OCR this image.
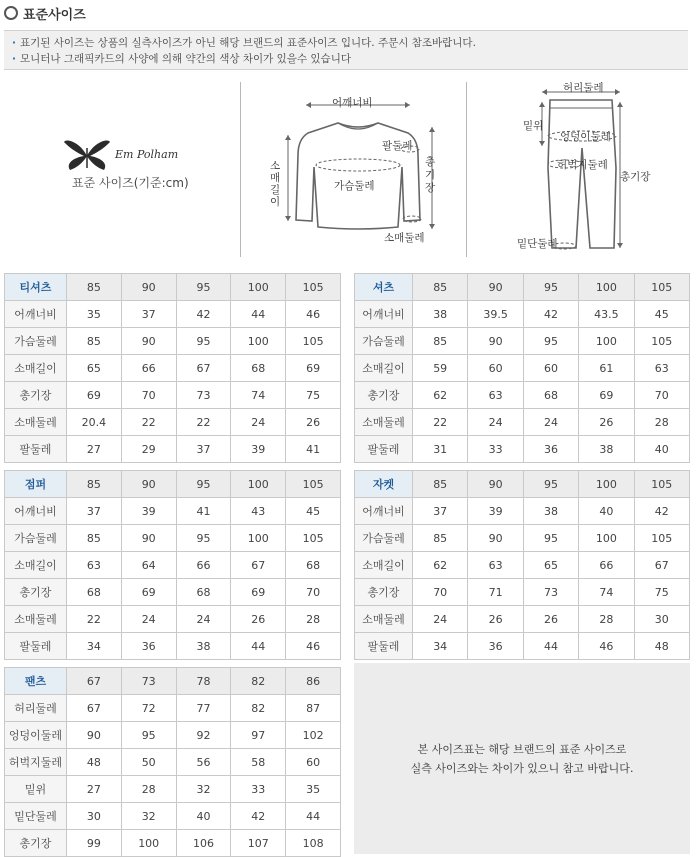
표준사이즈
· 표기된 사이즈는 상품의 실측사이즈가 아닌 해당 브랜드의 표준사이즈 입니다. 주문시 참조바랍니다.
· 모니터나 그래픽카드의 사양에 의해 약간의 색상 차이가 있을수 있습니다
Em Polham
표준 사이즈(기준:cm)
어깨너비
소매길이
가슴둘레
팔둘레
총기장
소매둘레
허리둘레
밑위
엉덩이둘레
허벅지둘레
총기장
밑단둘레
티셔츠	85	90	95	100	105
어깨너비	35	37	42	44	46
가슴둘레	85	90	95	100	105
소매길이	65	66	67	68	69
총기장	69	70	73	74	75
소매둘레	20.4	22	22	24	26
팔둘레	27	29	37	39	41
셔츠	85	90	95	100	105
어깨너비	38	39.5	42	43.5	45
가슴둘레	85	90	95	100	105
소매길이	59	60	60	61	63
총기장	62	63	68	69	70
소매둘레	22	24	24	26	28
팔둘레	31	33	36	38	40
점퍼	85	90	95	100	105
어깨너비	37	39	41	43	45
가슴둘레	85	90	95	100	105
소매길이	63	64	66	67	68
총기장	68	69	68	69	70
소매둘레	22	24	24	26	28
팔둘레	34	36	38	44	46
자켓	85	90	95	100	105
어깨너비	37	39	38	40	42
가슴둘레	85	90	95	100	105
소매길이	62	63	65	66	67
총기장	70	71	73	74	75
소매둘레	24	26	26	28	30
팔둘레	34	36	44	46	48
팬츠	67	73	78	82	86
허리둘레	67	72	77	82	87
엉덩이둘레	90	95	92	97	102
허벅지둘레	48	50	56	58	60
밑위	27	28	32	33	35
밑단둘레	30	32	40	42	44
총기장	99	100	106	107	108
본 사이즈표는 해당 브랜드의 표준 사이즈로
실측 사이즈와는 차이가 있으니 참고 바랍니다.
